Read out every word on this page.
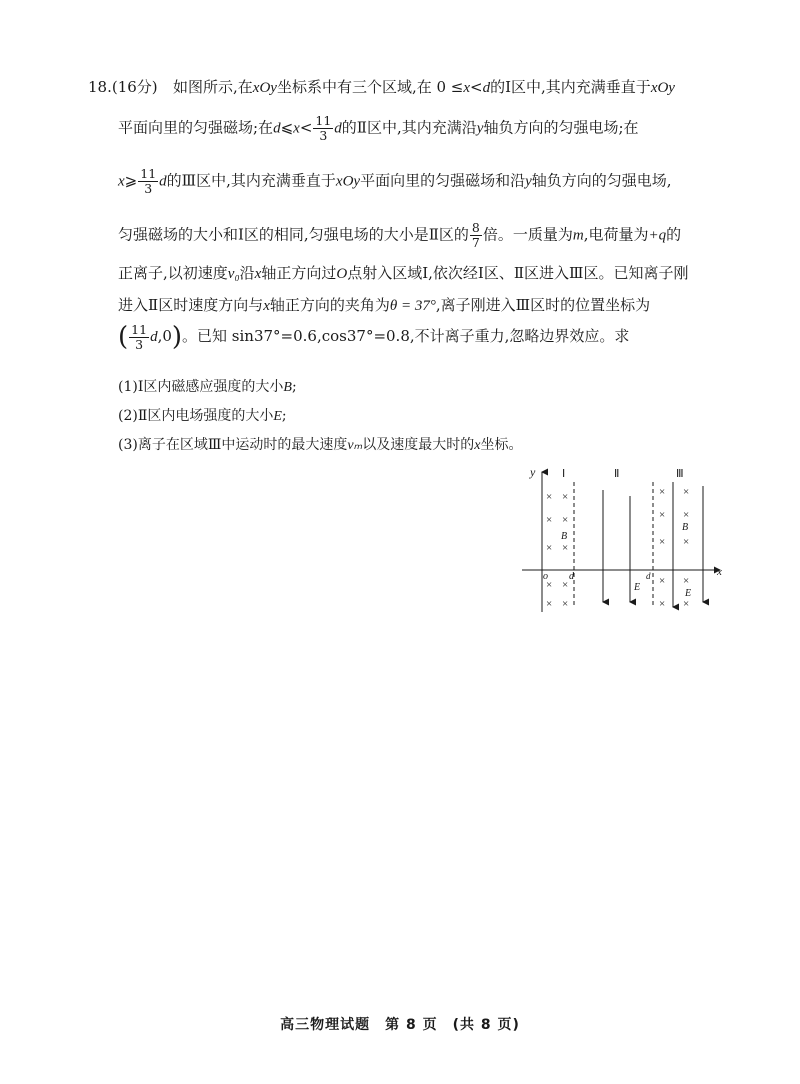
18.(16分) 如图所示,在xOy坐标系中有三个区域,在 0 ≤x<d的Ⅰ区中,其内充满垂直于xOy
平面向里的匀强磁场;在d⩽x< $\frac{11}{3}$ d的Ⅱ区中,其内充满沿y轴负方向的匀强电场;在
x⩾ $\frac{11}{3}$ d的Ⅲ区中,其内充满垂直于xOy平面向里的匀强磁场和沿y轴负方向的匀强电场,
匀强磁场的大小和Ⅰ区的相同,匀强电场的大小是Ⅱ区的 $\frac{8}{7}$ 倍。一质量为m,电荷量为+q的
正离子,以初速度v₀沿x轴正方向过O点射入区域Ⅰ,依次经Ⅰ区、Ⅱ区进入Ⅲ区。已知离子刚
进入Ⅱ区时速度方向与x轴正方向的夹角为θ = 37°,离子刚进入Ⅲ区时的位置坐标为
( $\frac{11}{3} d,0$)。已知 sin37°=0.6,cos37°=0.8,不计离子重力,忽略边界效应。求
(1)Ⅰ区内磁感应强度的大小B;
(2)Ⅱ区内电场强度的大小E;
(3)离子在区域Ⅲ中运动时的最大速度vₘ以及速度最大时的x坐标。
y
x
Ⅰ	Ⅱ	Ⅲ
o d	d
× ×
× ×
× ×
× ×
× ×
B
E
× ×
× ×
× ×
× ×
× ×
B
E
高三物理试题　第 8 页　(共 8 页)
